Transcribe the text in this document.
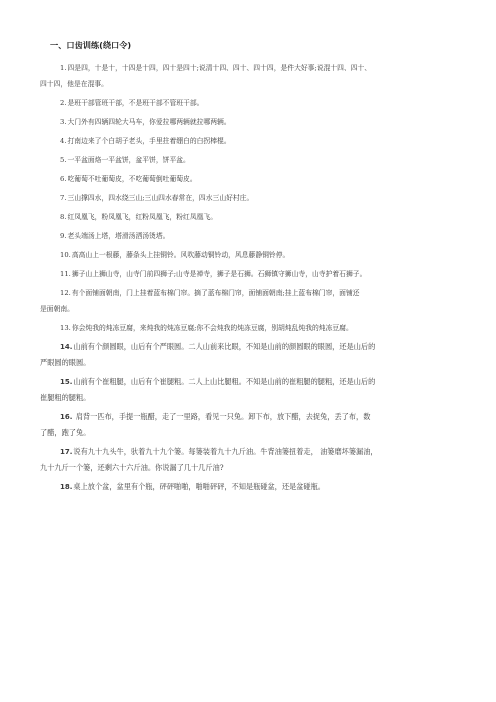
一、口齿训练(绕口令)
1.四是四，十是十，十四是十四，四十是四十;说清十四、四十、四十四，是件大好事;说混十四、四十、
四十四，他是在混事。
2.是班干部管班干部，不是班干部不管班干部。
3.大门外有四辆四轮大马车，你爱拉哪两辆就拉哪两辆。
4.打南边来了个白胡子老头，手里拄着绷白的白拐棒棍。
5.一平盆面烙一平盆饼，盆平饼，饼平盆。
6.吃葡萄不吐葡萄皮，不吃葡萄倒吐葡萄皮。
7.三山撑四水，四水绕三山;三山四水春常在，四水三山好村庄。
8.红凤凰飞，粉凤凰飞，红粉凤凰飞，粉红凤凰飞。
9.老头端汤上塔，塔滑汤洒汤烫塔。
10.高高山上一根藤，藤条头上挂铜铃。风吹藤动铜铃动，风息藤静铜铃停。
11.狮子山上狮山寺，山寺门前四狮子;山寺是禅寺，狮子是石狮。石狮镇守狮山寺，山寺护着石狮子。
12.有个面铺面朝南，门上挂着蓝布棉门帘。摘了蓝布棉门帘，面铺面朝南;挂上蓝布棉门帘，面铺还
是面朝南。
13.你会炖我的炖冻豆腐，来炖我的炖冻豆腐;你不会炖我的炖冻豆腐，别胡炖乱炖我的炖冻豆腐。
14.山前有个颜圆眼，山后有个严眼圆。二人山前来比眼，不知是山前的颜圆眼的眼圆，还是山后的
严眼圆的眼圆。
15.山前有个崔粗腿，山后有个崔腿粗。二人上山比腿粗。不知是山前的崔粗腿的腿粗，还是山后的
崔腿粗的腿粗。
16. 肩背一匹布，手提一瓶醋，走了一里路，看见一只兔。卸下布，放下醋，去捉兔，丢了布，数
了醋，跑了兔。
17.说有九十九头牛，驮着九十九个篓。每篓装着九十九斤油。牛背油篓扭着走， 油篓磨坏篓漏油，
九十九斤一个篓，还剩六十六斤油。你说漏了几十几斤油?
18.桌上放个盆，盆里有个瓶，砰砰啪啪，啪啪砰砰，不知是瓶碰盆，还是盆碰瓶。
